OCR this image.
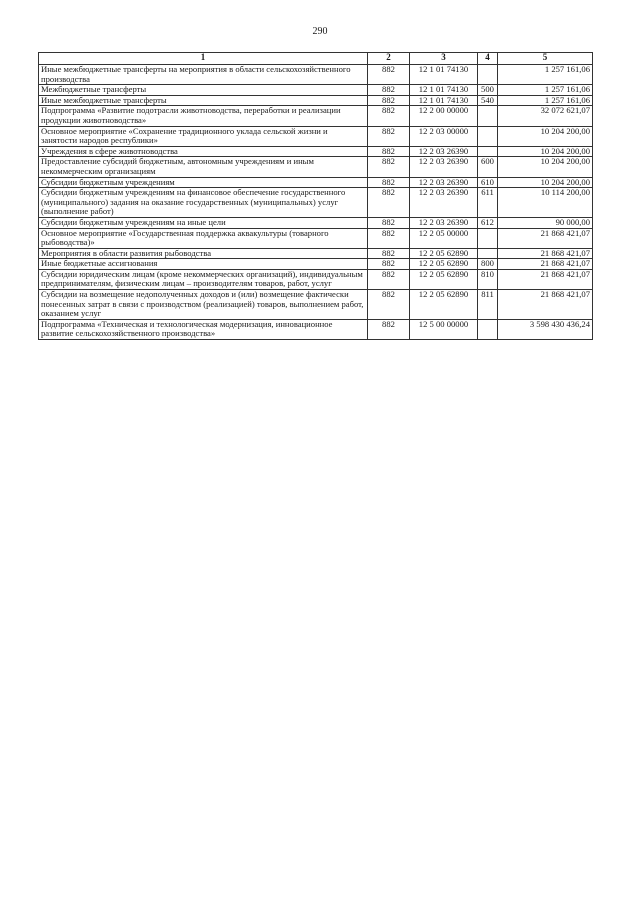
290
1	2	3	4	5
Иные межбюджетные трансферты на мероприятия в области сельскохозяйственного производства	882	12 1 01 74130		1 257 161,06
Межбюджетные трансферты	882	12 1 01 74130	500	1 257 161,06
Иные межбюджетные трансферты	882	12 1 01 74130	540	1 257 161,06
Подпрограмма «Развитие подотрасли животноводства, переработки и реализации продукции животноводства»	882	12 2 00 00000		32 072 621,07
Основное мероприятие «Сохранение традиционного уклада сельской жизни и занятости народов республики»	882	12 2 03 00000		10 204 200,00
Учреждения в сфере животноводства	882	12 2 03 26390		10 204 200,00
Предоставление субсидий бюджетным, автономным учреждениям и иным некоммерческим организациям	882	12 2 03 26390	600	10 204 200,00
Субсидии бюджетным учреждениям	882	12 2 03 26390	610	10 204 200,00
Субсидии бюджетным учреждениям на финансовое обеспечение государственного (муниципального) задания на оказание государственных (муниципальных) услуг (выполнение работ)	882	12 2 03 26390	611	10 114 200,00
Субсидии бюджетным учреждениям на иные цели	882	12 2 03 26390	612	90 000,00
Основное мероприятие «Государственная поддержка аквакультуры (товарного рыбоводства)»	882	12 2 05 00000		21 868 421,07
Мероприятия в области развития рыбоводства	882	12 2 05 62890		21 868 421,07
Иные бюджетные ассигнования	882	12 2 05 62890	800	21 868 421,07
Субсидии юридическим лицам (кроме некоммерческих организаций), индивидуальным предпринимателям, физическим лицам – производителям товаров, работ, услуг	882	12 2 05 62890	810	21 868 421,07
Субсидии на возмещение недополученных доходов и (или) возмещение фактически понесенных затрат в связи с производством (реализацией) товаров, выполнением работ, оказанием услуг	882	12 2 05 62890	811	21 868 421,07
Подпрограмма «Техническая и технологическая модернизация, инновационное развитие сельскохозяйственного производства»	882	12 5 00 00000		3 598 430 436,24
